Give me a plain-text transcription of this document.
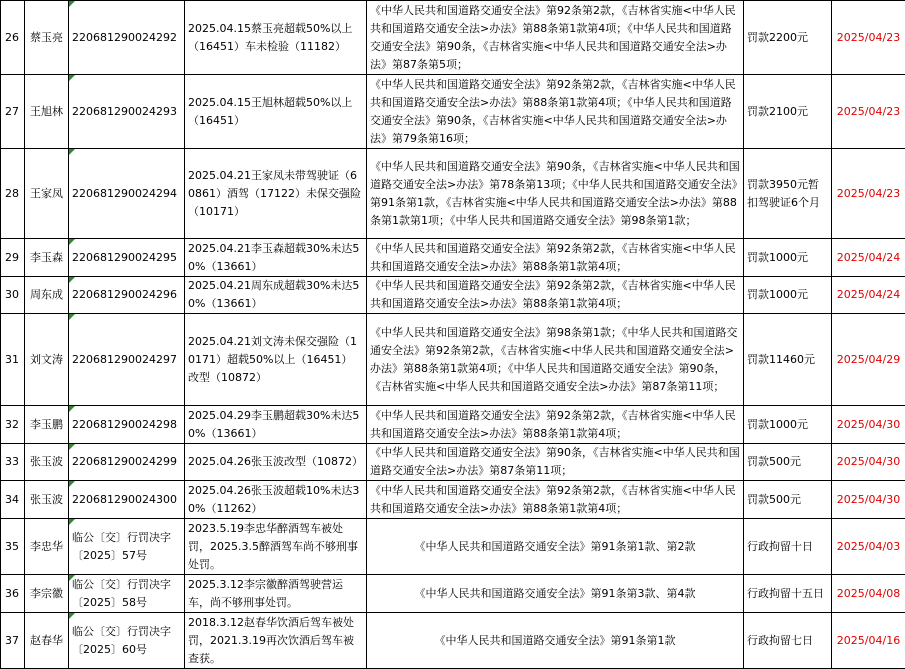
26	蔡玉亮	220681290024292	2025.04.15蔡玉亮超载50%以上（16451）车未检验（11182）	《中华人民共和国道路交通安全法》第92条第2款，《吉林省实施<中华人民共和国道路交通安全法>办法》第88条第1款第4项；《中华人民共和国道路交通安全法》第90条，《吉林省实施<中华人民共和国道路交通安全法>办法》第87条第5项；	罚款2200元	2025/04/23
27	王旭林	220681290024293	2025.04.15王旭林超载50%以上（16451）	《中华人民共和国道路交通安全法》第92条第2款，《吉林省实施<中华人民共和国道路交通安全法>办法》第88条第1款第4项；《中华人民共和国道路交通安全法》第90条，《吉林省实施<中华人民共和国道路交通安全法>办法》第79条第16项；	罚款2100元	2025/04/23
28	王家凤	220681290024294	2025.04.21王家凤未带驾驶证（60861）酒驾（17122）未保交强险（10171）	《中华人民共和国道路交通安全法》第90条，《吉林省实施<中华人民共和国道路交通安全法>办法》第78条第13项；《中华人民共和国道路交通安全法》第91条第1款，《吉林省实施<中华人民共和国道路交通安全法>办法》第88条第1款第1项；《中华人民共和国道路交通安全法》第98条第1款；	罚款3950元暂扣驾驶证6个月	2025/04/23
29	李玉森	220681290024295	2025.04.21李玉森超载30%未达50%（13661）	《中华人民共和国道路交通安全法》第92条第2款，《吉林省实施<中华人民共和国道路交通安全法>办法》第88条第1款第4项；	罚款1000元	2025/04/24
30	周东成	220681290024296	2025.04.21周东成超载30%未达50%（13661）	《中华人民共和国道路交通安全法》第92条第2款，《吉林省实施<中华人民共和国道路交通安全法>办法》第88条第1款第4项；	罚款1000元	2025/04/24
31	刘文涛	220681290024297	2025.04.21刘文涛未保交强险（10171）超载50%以上（16451）改型（10872）	《中华人民共和国道路交通安全法》第98条第1款；《中华人民共和国道路交通安全法》第92条第2款，《吉林省实施<中华人民共和国道路交通安全法>办法》第88条第1款第4项；《中华人民共和国道路交通安全法》第90条，《吉林省实施<中华人民共和国道路交通安全法>办法》第87条第11项；	罚款11460元	2025/04/29
32	李玉鹏	220681290024298	2025.04.29李玉鹏超载30%未达50%（13661）	《中华人民共和国道路交通安全法》第92条第2款，《吉林省实施<中华人民共和国道路交通安全法>办法》第88条第1款第4项；	罚款1000元	2025/04/30
33	张玉波	220681290024299	2025.04.26张玉波改型（10872）	《中华人民共和国道路交通安全法》第90条，《吉林省实施<中华人民共和国道路交通安全法>办法》第87条第11项；	罚款500元	2025/04/30
34	张玉波	220681290024300	2025.04.26张玉波超载10%未达30%（11262）	《中华人民共和国道路交通安全法》第92条第2款，《吉林省实施<中华人民共和国道路交通安全法>办法》第88条第1款第4项；	罚款500元	2025/04/30
35	李忠华	临公〔交〕行罚决字〔2025〕57号	2023.5.19李忠华醉酒驾车被处罚，2025.3.5醉酒驾车尚不够刑事处罚。	《中华人民共和国道路交通安全法》第91条第1款、第2款	行政拘留十日	2025/04/03
36	李宗徽	临公〔交〕行罚决字〔2025〕58号	2025.3.12李宗徽醉酒驾驶营运车，尚不够刑事处罚。	《中华人民共和国道路交通安全法》第91条第3款、第4款	行政拘留十五日	2025/04/08
37	赵春华	临公〔交〕行罚决字〔2025〕60号	2018.3.12赵春华饮酒后驾车被处罚，2021.3.19再次饮酒后驾车被查获。	《中华人民共和国道路交通安全法》第91条第1款	行政拘留七日	2025/04/16
